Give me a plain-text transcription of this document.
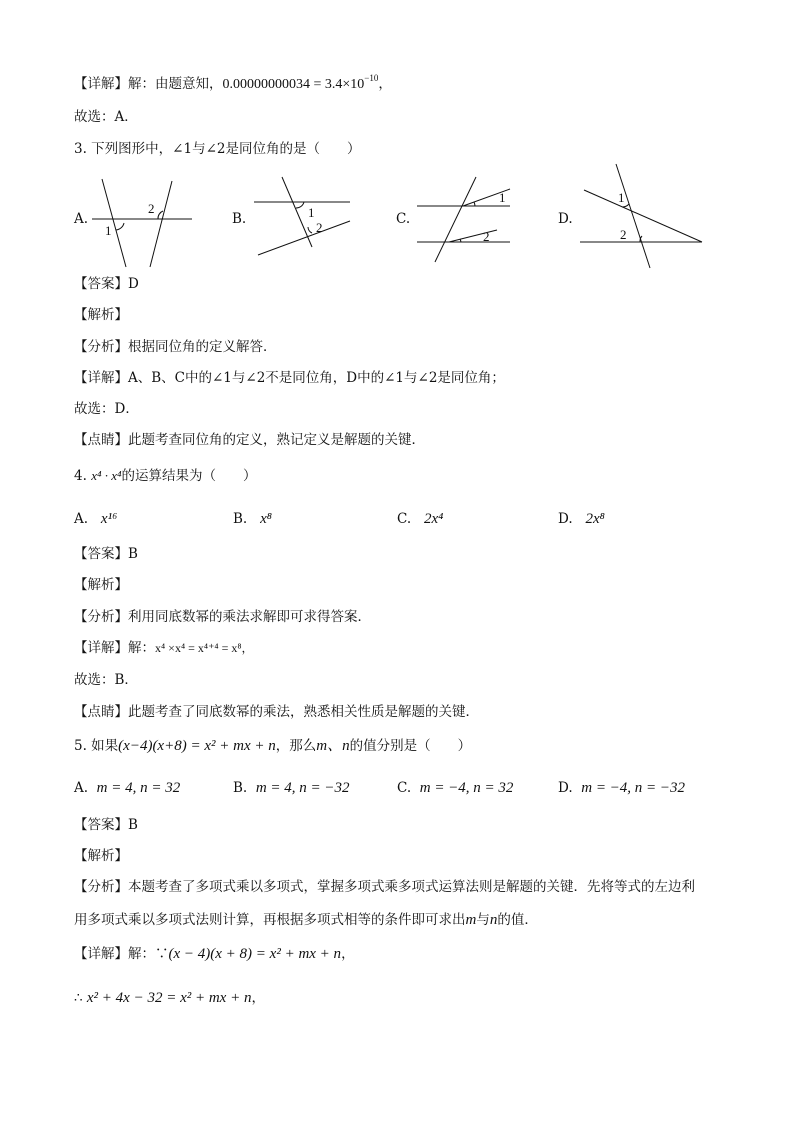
【详解】解：由题意知，$0.00000000034 = 3.4\times 10^{-10}$，
故选：A．
3. 下列图形中，∠1与∠2是同位角的是（　　）
A.
1
2
B.	1
2
C.
1
2
D.
1
2
【答案】D
【解析】
【分析】根据同位角的定义解答．
【详解】A、B、C中的∠1与∠2不是同位角，D中的∠1与∠2是同位角；
故选：D．
【点睛】此题考查同位角的定义，熟记定义是解题的关键．
4. x⁴ · x⁴的运算结果为（　　）
A. x¹⁶	B. x⁸	C. 2x⁴	D. 2x⁸
【答案】B
【解析】
【分析】利用同底数幂的乘法求解即可求得答案．
【详解】解：x⁴ ×x⁴ = x⁴⁺⁴ = x⁸，
故选：B．
【点睛】此题考查了同底数幂的乘法，熟悉相关性质是解题的关键．
5. 如果(x−4)(x+8) = x² + mx + n，那么m、n的值分别是（　　）
A. m = 4, n = 32	B. m = 4, n = −32	C. m = −4, n = 32	D. m = −4, n = −32
【答案】B
【解析】
【分析】本题考查了多项式乘以多项式，掌握多项式乘多项式运算法则是解题的关键．先将等式的左边利
用多项式乘以多项式法则计算，再根据多项式相等的条件即可求出m与n的值．
【详解】解：∵(x − 4)(x + 8) = x² + mx + n，
∴ x² + 4x − 32 = x² + mx + n，
